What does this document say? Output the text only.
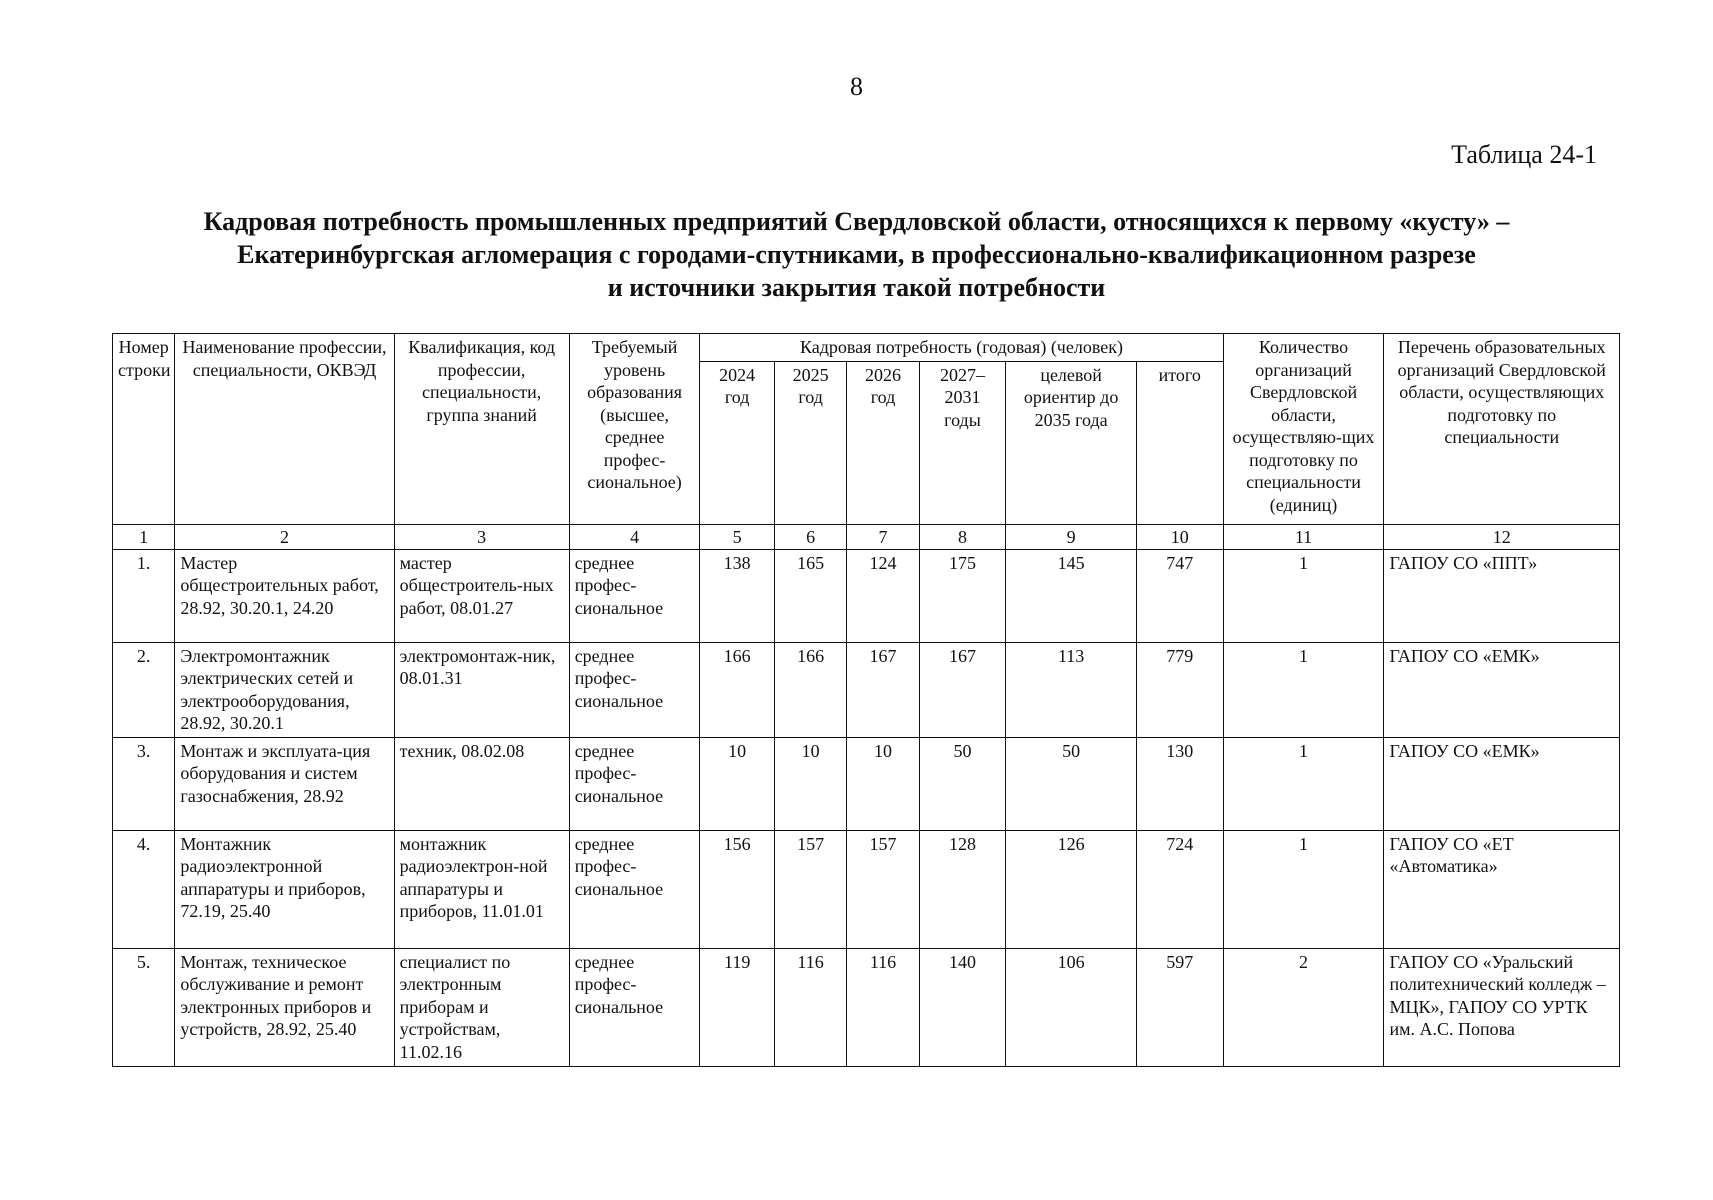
8
Таблица 24-1
Кадровая потребность промышленных предприятий Свердловской области, относящихся к первому «кусту» –
Екатеринбургская агломерация с городами-спутниками, в профессионально-квалификационном разрезе
и источники закрытия такой потребности
Номер строки	Наименование профессии, специальности, ОКВЭД	Квалификация, код профессии, специальности, группа знаний	Требуемый уровень образования (высшее, среднее профес-сиональное)	Кадровая потребность (годовая) (человек)						Количество организаций Свердловской области, осуществляю-щих подготовку по специальности (единиц)	Перечень образовательных организаций Свердловской области, осуществляющих подготовку по специальности
				2024 год	2025 год	2026 год	2027– 2031 годы	целевой ориентир до 2035 года	итого		
1	2	3	4	5	6	7	8	9	10	11	12
1.	Мастер общестроительных работ, 28.92, 30.20.1, 24.20	мастер общестроитель-ных работ, 08.01.27	среднее профес-сиональное	138	165	124	175	145	747	1	ГАПОУ СО «ППТ»
2.	Электромонтажник электрических сетей и электрооборудования, 28.92, 30.20.1	электромонтаж-ник, 08.01.31	среднее профес-сиональное	166	166	167	167	113	779	1	ГАПОУ СО «ЕМК»
3.	Монтаж и эксплуата-ция оборудования и систем газоснабжения, 28.92	техник, 08.02.08	среднее профес-сиональное	10	10	10	50	50	130	1	ГАПОУ СО «ЕМК»
4.	Монтажник радиоэлектронной аппаратуры и приборов, 72.19, 25.40	монтажник радиоэлектрон-ной аппаратуры и приборов, 11.01.01	среднее профес-сиональное	156	157	157	128	126	724	1	ГАПОУ СО «ЕТ «Автоматика»
5.	Монтаж, техническое обслуживание и ремонт электронных приборов и устройств, 28.92, 25.40	специалист по электронным приборам и устройствам, 11.02.16	среднее профес-сиональное	119	116	116	140	106	597	2	ГАПОУ СО «Уральский политехнический колледж – МЦК», ГАПОУ СО УРТК им. А.С. Попова
